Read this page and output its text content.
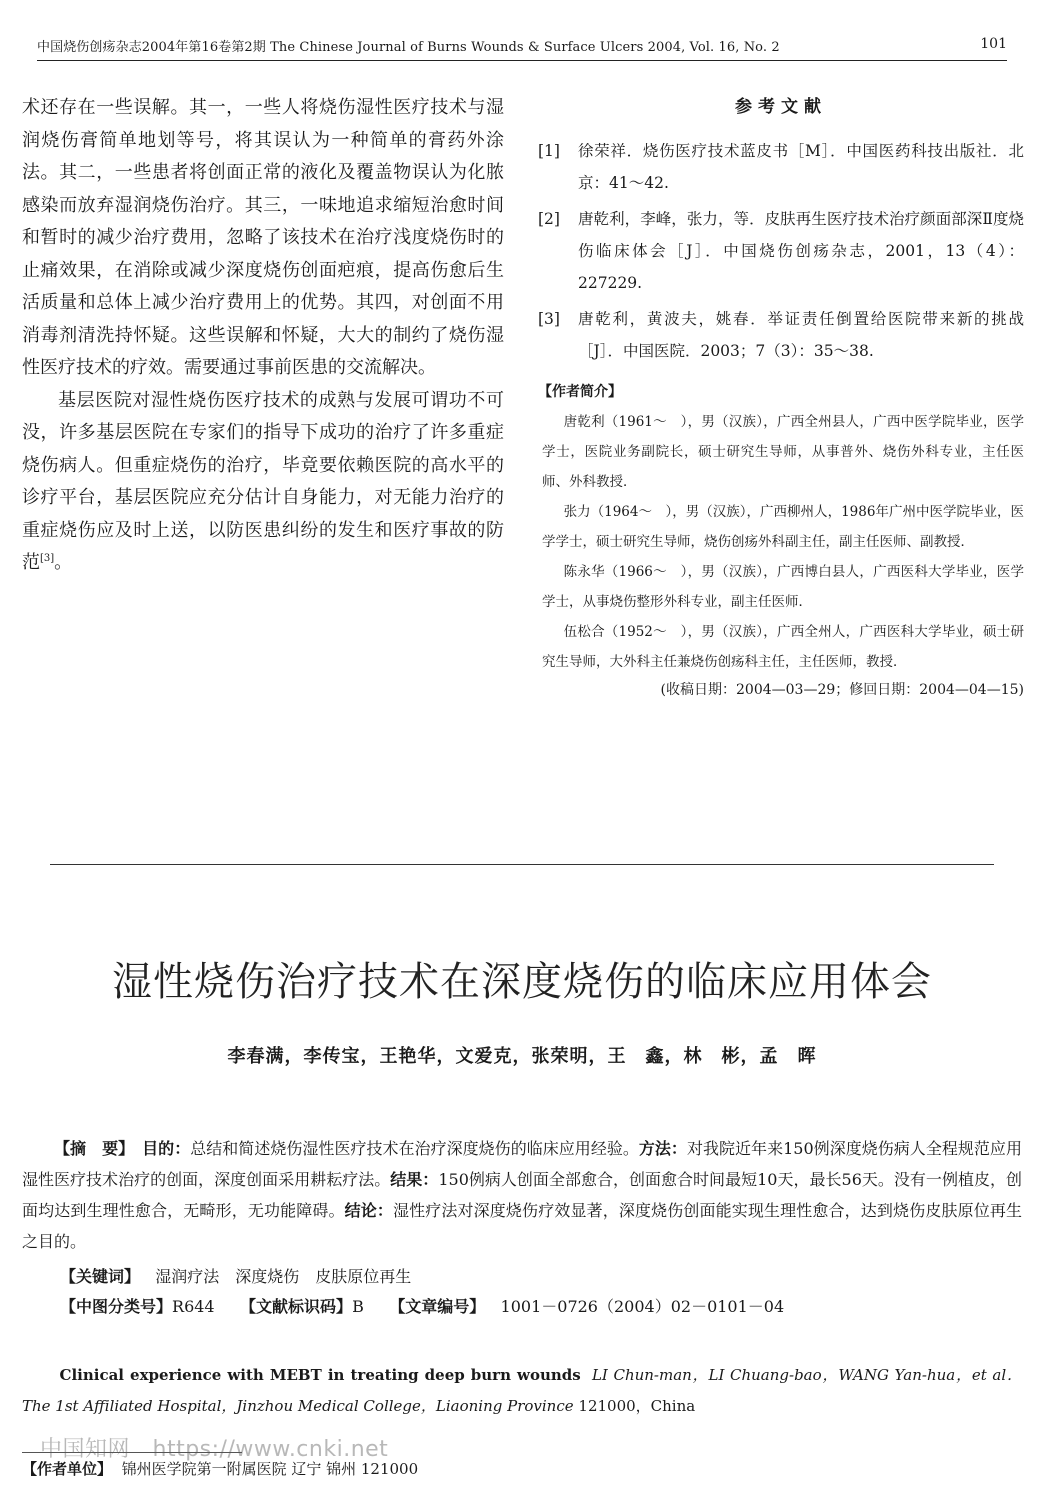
中国烧伤创疡杂志2004年第16卷第2期 The Chinese Journal of Burns Wounds & Surface Ulcers 2004, Vol. 16, No. 2	101

术还存在一些误解。其一，一些人将烧伤湿性医疗技术与湿润烧伤膏简单地划等号，将其误认为一种简单的膏药外涂法。其二，一些患者将创面正常的液化及覆盖物误认为化脓感染而放弃湿润烧伤治疗。其三，一味地追求缩短治愈时间和暂时的减少治疗费用，忽略了该技术在治疗浅度烧伤时的止痛效果，在消除或减少深度烧伤创面疤痕，提高伤愈后生活质量和总体上减少治疗费用上的优势。其四，对创面不用消毒剂清洗持怀疑。这些误解和怀疑，大大的制约了烧伤湿性医疗技术的疗效。需要通过事前医患的交流解决。

基层医院对湿性烧伤医疗技术的成熟与发展可谓功不可没，许多基层医院在专家们的指导下成功的治疗了许多重症烧伤病人。但重症烧伤的治疗，毕竟要依赖医院的高水平的诊疗平台，基层医院应充分估计自身能力，对无能力治疗的重症烧伤应及时上送，以防医患纠纷的发生和医疗事故的防范[3]。

参考文献
[1]	徐荣祥．烧伤医疗技术蓝皮书［M］．中国医药科技出版社．北京：41～42.
[2]	唐乾利，李峰，张力，等．皮肤再生医疗技术治疗颜面部深Ⅱ度烧伤临床体会［J］．中国烧伤创疡杂志，2001，13（4）：227229.
[3]	唐乾利，黄波夫，姚春．举证责任倒置给医院带来新的挑战［J］．中国医院．2003；7（3）：35～38.
【作者简介】

唐乾利（1961～　），男（汉族），广西全州县人，广西中医学院毕业，医学学士，医院业务副院长，硕士研究生导师，从事普外、烧伤外科专业，主任医师、外科教授．

张力（1964～　），男（汉族），广西柳州人，1986年广州中医学院毕业，医学学士，硕士研究生导师，烧伤创疡外科副主任，副主任医师、副教授．

陈永华（1966～　），男（汉族），广西博白县人，广西医科大学毕业，医学学士，从事烧伤整形外科专业，副主任医师．

伍松合（1952～　），男（汉族），广西全州人，广西医科大学毕业，硕士研究生导师，大外科主任兼烧伤创疡科主任，主任医师，教授．

(收稿日期：2004—03—29；修回日期：2004—04—15)
湿性烧伤治疗技术在深度烧伤的临床应用体会
李春满，李传宝，王艳华，文爱克，张荣明，王　鑫，林　彬，孟　晖

【摘　要】　 目的：总结和简述烧伤湿性医疗技术在治疗深度烧伤的临床应用经验。方法：对我院近年来150例深度烧伤病人全程规范应用湿性医疗技术治疗的创面，深度创面采用耕耘疗法。结果：150例病人创面全部愈合，创面愈合时间最短10天，最长56天。没有一例植皮，创面均达到生理性愈合，无畸形，无功能障碍。结论：湿性疗法对深度烧伤疗效显著，深度烧伤创面能实现生理性愈合，达到烧伤皮肤原位再生之目的。

【关键词】 湿润疗法　深度烧伤　皮肤原位再生
【中图分类号】R644 【文献标识码】B 【文章编号】 1001－0726（2004）02－0101－04

Clinical experience with MEBT in treating deep burn wounds LI Chun-man，LI Chuang-bao，WANG Yan-hua，et al．The 1st Affiliated Hospital，Jinzhou Medical College，Liaoning Province 121000，China

中国知网　https://www.cnki.net
【作者单位】 锦州医学院第一附属医院 辽宁 锦州 121000
